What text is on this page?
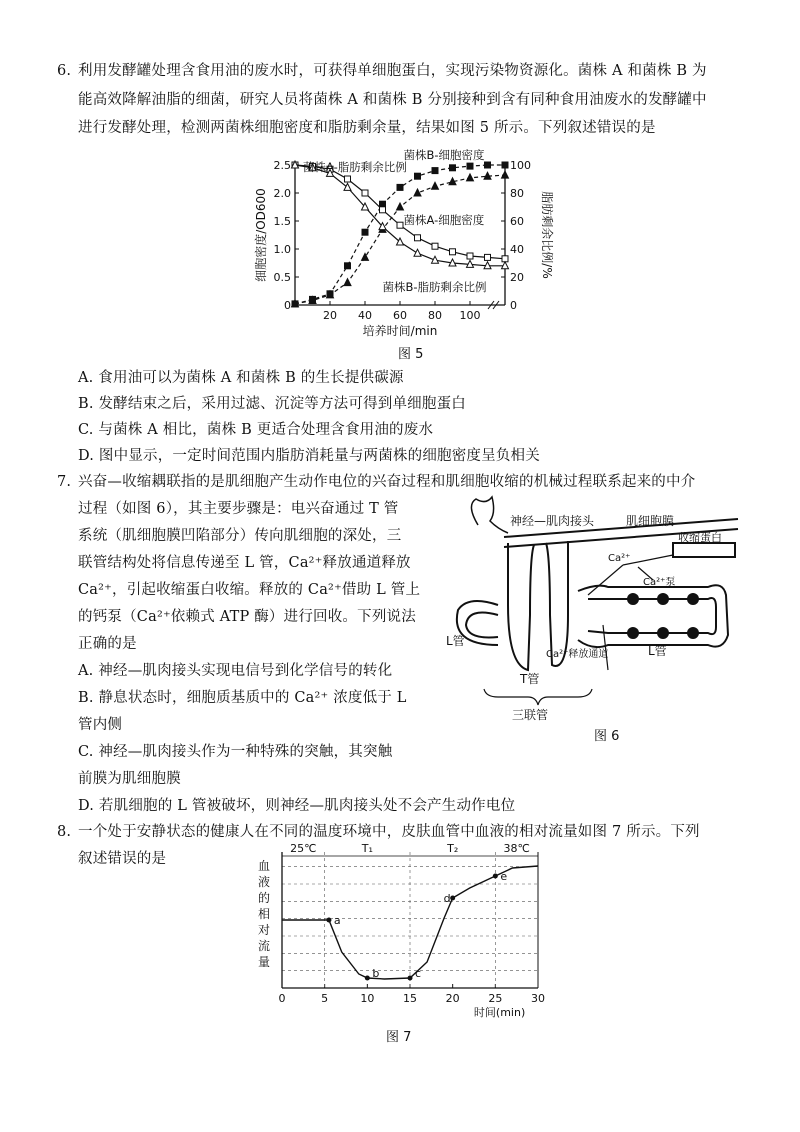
6. 利用发酵罐处理含食用油的废水时，可获得单细胞蛋白，实现污染物资源化。菌株 A 和菌株 B 为
能高效降解油脂的细菌，研究人员将菌株 A 和菌株 B 分别接种到含有同种食用油废水的发酵罐中
进行发酵处理，检测两菌株细胞密度和脂肪剩余量，结果如图 5 所示。下列叙述错误的是
20 40 60 80 100
0
0.5
1.0
1.5
2.0
2.5
0
20
40
60
80
100
培养时间/min
细胞密度/OD600	脂肪剩余比例/%
菌株A-细胞密度
菌株B-细胞密度
菌株A-脂肪剩余比例
菌株B-脂肪剩余比例
图 5
A. 食用油可以为菌株 A 和菌株 B 的生长提供碳源
B. 发酵结束之后，采用过滤、沉淀等方法可得到单细胞蛋白
C. 与菌株 A 相比，菌株 B 更适合处理含食用油的废水
D. 图中显示，一定时间范围内脂肪消耗量与两菌株的细胞密度呈负相关
7. 兴奋—收缩耦联指的是肌细胞产生动作电位的兴奋过程和肌细胞收缩的机械过程联系起来的中介
过程（如图 6），其主要步骤是：电兴奋通过 T 管
系统（肌细胞膜凹陷部分）传向肌细胞的深处，三
联管结构处将信息传递至 L 管，Ca²⁺释放通道释放
Ca²⁺，引起收缩蛋白收缩。释放的 Ca²⁺借助 L 管上
的钙泵（Ca²⁺依赖式 ATP 酶）进行回收。下列说法
正确的是
A. 神经—肌肉接头实现电信号到化学信号的转化
B. 静息状态时，细胞质基质中的 Ca²⁺ 浓度低于 L
管内侧
C. 神经—肌肉接头作为一种特殊的突触，其突触
前膜为肌细胞膜
D. 若肌细胞的 L 管被破坏，则神经—肌肉接头处不会产生动作电位
神经—肌肉接头	肌细胞膜
收缩蛋白
Ca²⁺
Ca²⁺泵
L管
L管
Ca²⁺释放通道
T管
三联管
图 6
8. 一个处于安静状态的健康人在不同的温度环境中，皮肤血管中血液的相对流量如图 7 所示。下列
叙述错误的是
0	5	10	15	20	25	30
时间(min)
血
液
的
相
对
流
量
25℃	T₁	T₂	38℃
a
b	c
d
e
图 7
